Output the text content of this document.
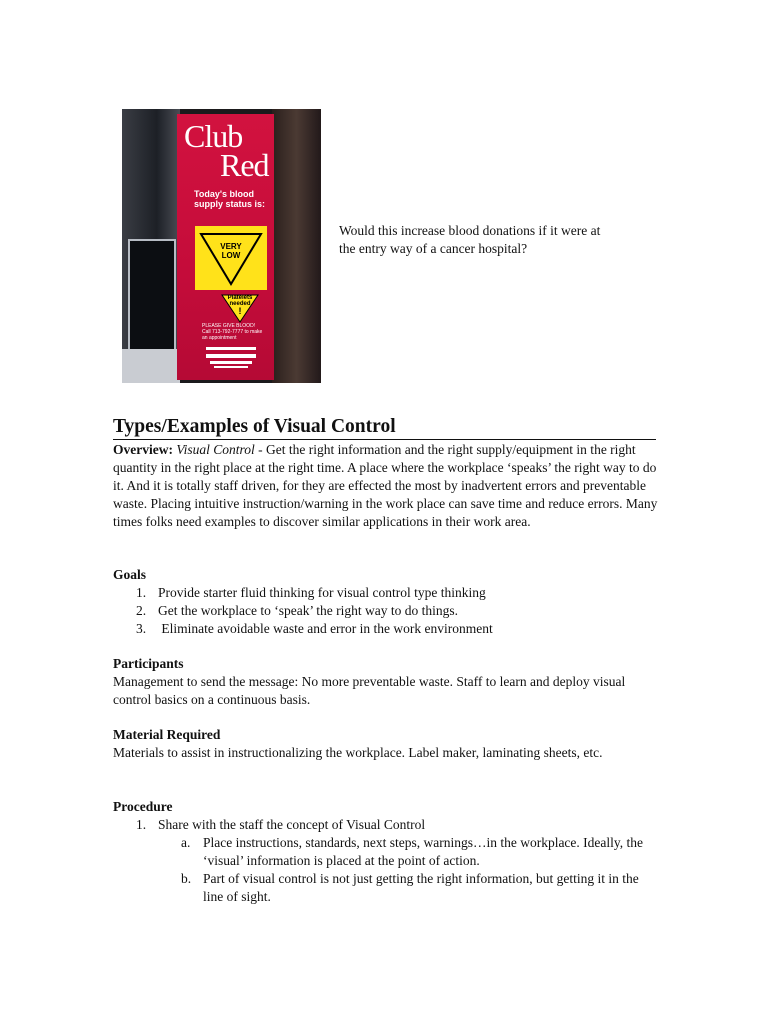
Club
Red
Today's blood supply status is:
VERY
LOW
Platelets needed
!
PLEASE GIVE BLOOD! Call 713-792-7777 to make an appointment
Would this increase blood donations if it were at the entry way of a cancer hospital?
Types/Examples of Visual Control

Overview: Visual Control - Get the right information and the right supply/equipment in the right quantity in the right place at the right time. A place where the workplace ‘speaks’ the right way to do it. And it is totally staff driven, for they are effected the most by inadvertent errors and preventable waste. Placing intuitive instruction/warning in the work place can save time and reduce errors. Many times folks need examples to discover similar applications in their work area.

Goals
1. Provide starter fluid thinking for visual control type thinking
2. Get the workplace to ‘speak’ the right way to do things.
3. Eliminate avoidable waste and error in the work environment
Participants

Management to send the message: No more preventable waste. Staff to learn and deploy visual control basics on a continuous basis.

Material Required

Materials to assist in instructionalizing the workplace. Label maker, laminating sheets, etc.

Procedure
1. Share with the staff the concept of Visual Control
a. Place instructions, standards, next steps, warnings…in the workplace. Ideally, the ‘visual’ information is placed at the point of action.
b. Part of visual control is not just getting the right information, but getting it in the line of sight.
